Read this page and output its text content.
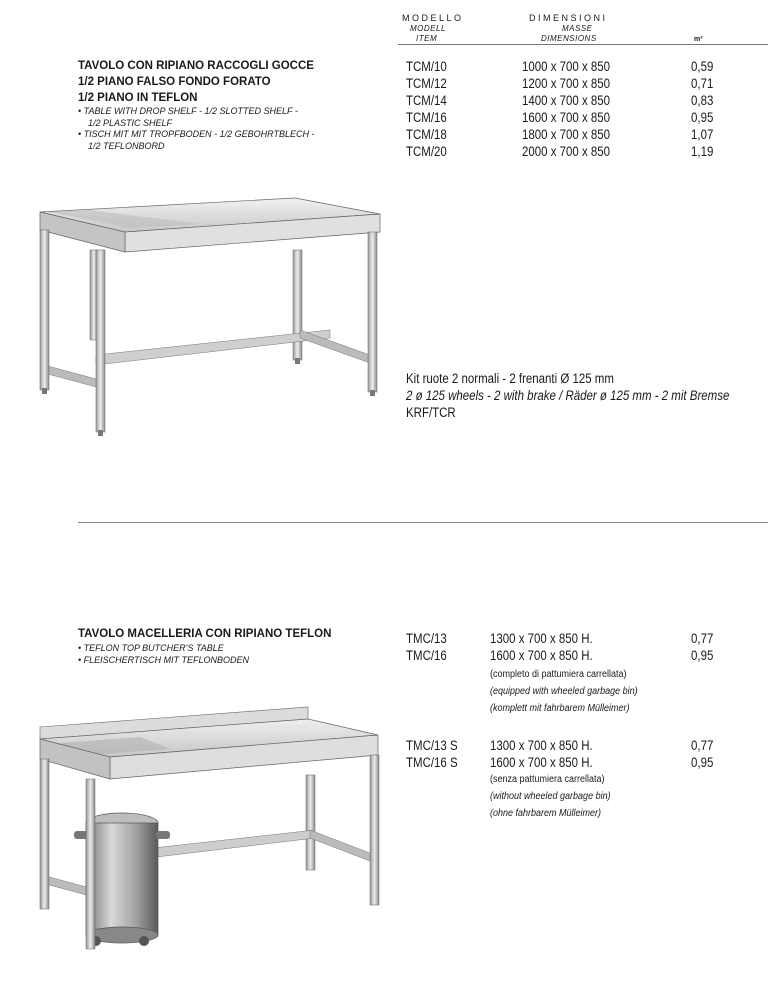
MODELLO	DIMENSIONI
MODELL
ITEM
MASSE
DIMENSIONS	m³
TAVOLO CON RIPIANO RACCOGLI GOCCE
1/2 PIANO FALSO FONDO FORATO
1/2 PIANO IN TEFLON
• TABLE WITH DROP SHELF - 1/2 SLOTTED SHELF -
1/2 PLASTIC SHELF
• TISCH MIT MIT TROPFBODEN - 1/2 GEBOHRTBLECH -
1/2 TEFLONBORD
TCM/10
TCM/12
TCM/14
TCM/16
TCM/18
TCM/20
1000 x 700 x 850
1200 x 700 x 850
1400 x 700 x 850
1600 x 700 x 850
1800 x 700 x 850
2000 x 700 x 850
0,59
0,71
0,83
0,95
1,07
1,19
Kit ruote 2 normali - 2 frenanti Ø 125 mm
2 ø 125 wheels - 2 with brake / Räder ø 125 mm - 2 mit Bremse
KRF/TCR
TAVOLO MACELLERIA CON RIPIANO TEFLON
• TEFLON TOP BUTCHER'S TABLE
• FLEISCHERTISCH MIT TEFLONBODEN
TMC/13
TMC/16
1300 x 700 x 850 H.
1600 x 700 x 850 H.
0,77
0,95
(completo di pattumiera carrellata)
(equipped with wheeled garbage bin)
(komplett mit fahrbarem Mülleimer)
TMC/13 S
TMC/16 S
1300 x 700 x 850 H.
1600 x 700 x 850 H.
0,77
0,95
(senza pattumiera carrellata)
(without wheeled garbage bin)
(ohne fahrbarem Mülleimer)
